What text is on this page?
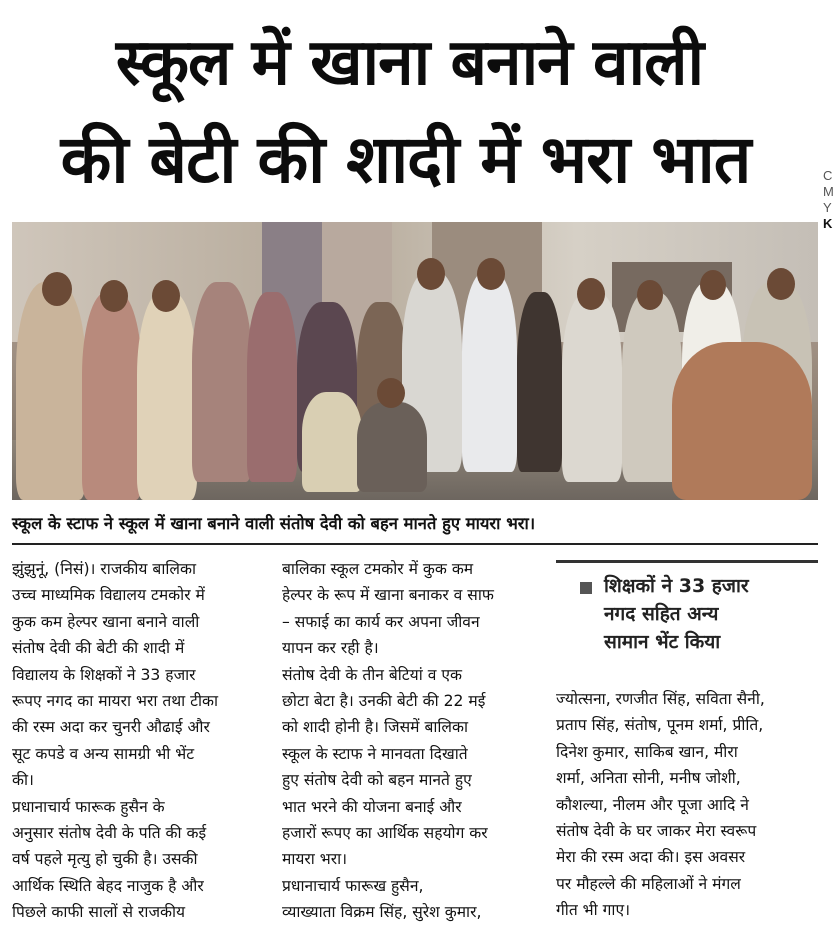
स्कूल में खाना बनाने वाली
की बेटी की शादी में भरा भात	C
M
Y
K
स्कूल के स्टाफ ने स्कूल में खाना बनाने वाली संतोष देवी को बहन मानते हुए मायरा भरा।
झुंझुनूं, (निसं)। राजकीय बालिका
उच्च माध्यमिक विद्यालय टमकोर में
कुक कम हेल्पर खाना बनाने वाली
संतोष देवी की बेटी की शादी में
विद्यालय के शिक्षकों ने 33 हजार
रूपए नगद का मायरा भरा तथा टीका
की रस्म अदा कर चुनरी औढाई और
सूट कपडे व अन्य सामग्री भी भेंट
की।
प्रधानाचार्य फारूक हुसैन के
अनुसार संतोष देवी के पति की कई
वर्ष पहले मृत्यु हो चुकी है। उसकी
आर्थिक स्थिति बेहद नाजुक है और
पिछले काफी सालों से राजकीय
बालिका स्कूल टमकोर में कुक कम
हेल्पर के रूप में खाना बनाकर व साफ
– सफाई का कार्य कर अपना जीवन
यापन कर रही है।
संतोष देवी के तीन बेटियां व एक
छोटा बेटा है। उनकी बेटी की 22 मई
को शादी होनी है। जिसमें बालिका
स्कूल के स्टाफ ने मानवता दिखाते
हुए संतोष देवी को बहन मानते हुए
भात भरने की योजना बनाई और
हजारों रूपए का आर्थिक सहयोग कर
मायरा भरा।
प्रधानाचार्य फारूख हुसैन,
व्याख्याता विक्रम सिंह, सुरेश कुमार,
शिक्षकों ने 33 हजार
नगद सहित अन्य
सामान भेंट किया
ज्योत्सना, रणजीत सिंह, सविता सैनी,
प्रताप सिंह, संतोष, पूनम शर्मा, प्रीति,
दिनेश कुमार, साकिब खान, मीरा
शर्मा, अनिता सोनी, मनीष जोशी,
कौशल्या, नीलम और पूजा आदि ने
संतोष देवी के घर जाकर मेरा स्वरूप
मेरा की रस्म अदा की। इस अवसर
पर मौहल्ले की महिलाओं ने मंगल
गीत भी गाए।
